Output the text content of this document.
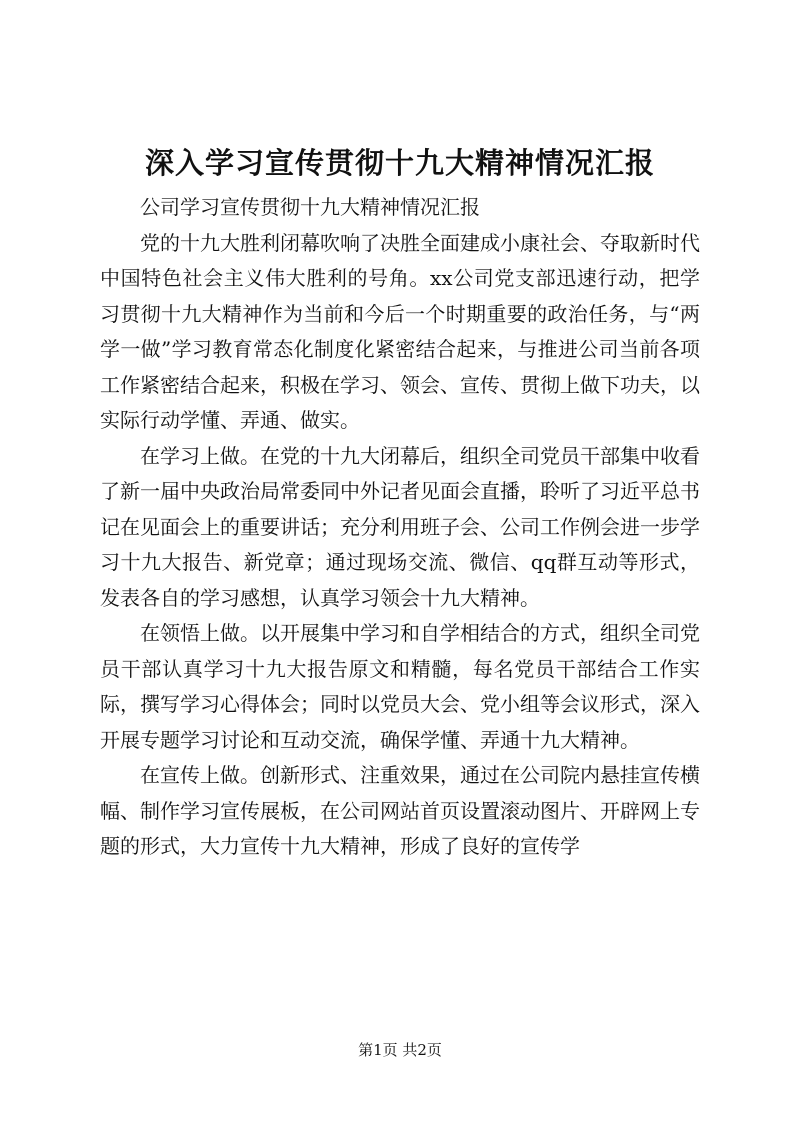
深入学习宣传贯彻十九大精神情况汇报

公司学习宣传贯彻十九大精神情况汇报

党的十九大胜利闭幕吹响了决胜全面建成小康社会、夺取新时代中国特色社会主义伟大胜利的号角。xx公司党支部迅速行动，把学习贯彻十九大精神作为当前和今后一个时期重要的政治任务，与“两学一做”学习教育常态化制度化紧密结合起来，与推进公司当前各项工作紧密结合起来，积极在学习、领会、宣传、贯彻上做下功夫，以实际行动学懂、弄通、做实。

在学习上做。在党的十九大闭幕后，组织全司党员干部集中收看了新一届中央政治局常委同中外记者见面会直播，聆听了习近平总书记在见面会上的重要讲话；充分利用班子会、公司工作例会进一步学习十九大报告、新党章；通过现场交流、微信、qq群互动等形式，发表各自的学习感想，认真学习领会十九大精神。

在领悟上做。以开展集中学习和自学相结合的方式，组织全司党员干部认真学习十九大报告原文和精髓，每名党员干部结合工作实际，撰写学习心得体会；同时以党员大会、党小组等会议形式，深入开展专题学习讨论和互动交流，确保学懂、弄通十九大精神。

在宣传上做。创新形式、注重效果，通过在公司院内悬挂宣传横幅、制作学习宣传展板，在公司网站首页设置滚动图片、开辟网上专题的形式，大力宣传十九大精神，形成了良好的宣传学

第1页 共2页
